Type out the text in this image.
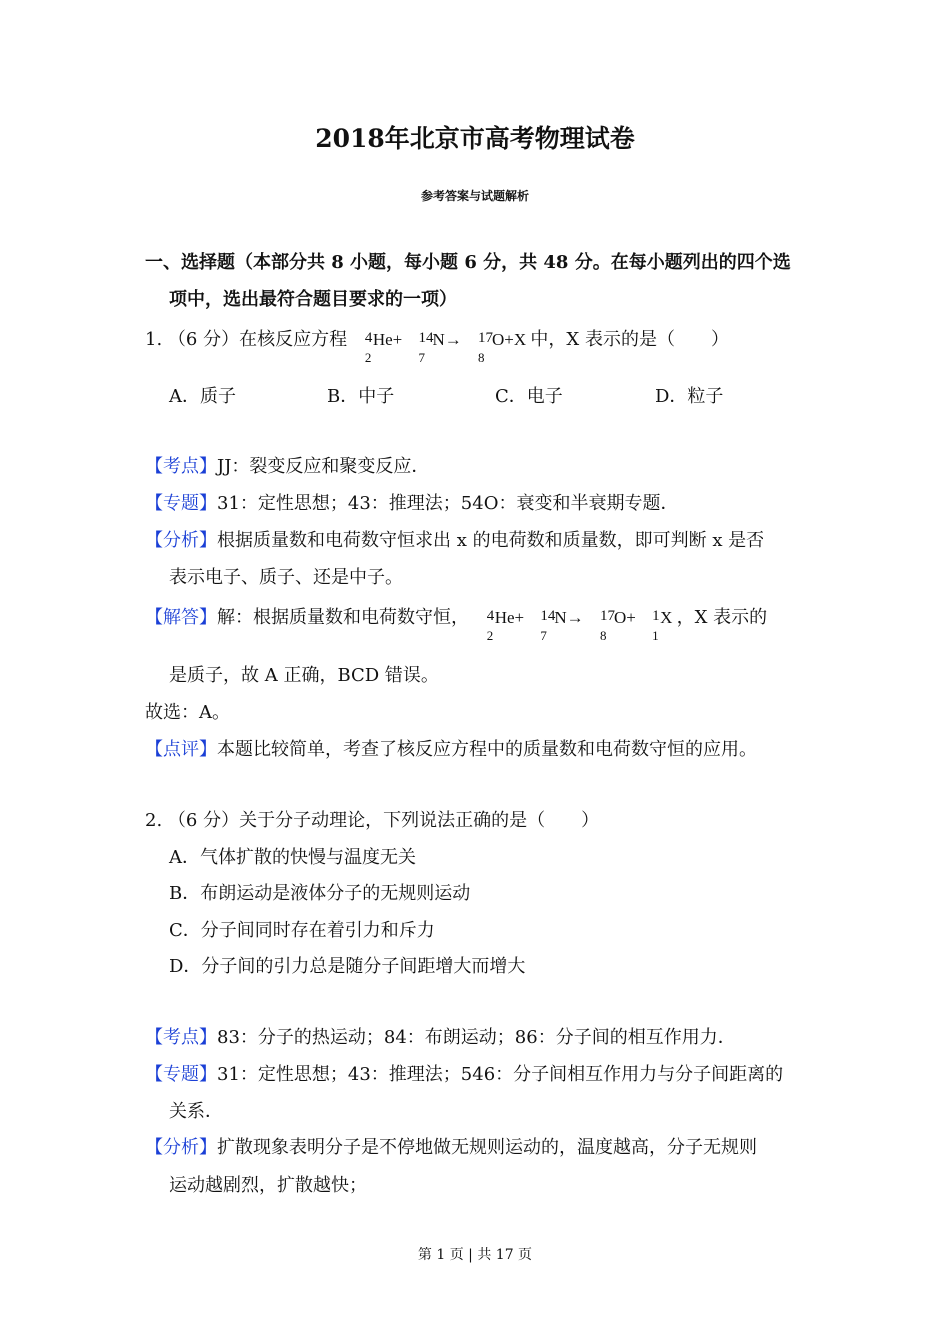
2018年北京市高考物理试卷
参考答案与试题解析
一、选择题（本部分共 8 小题，每小题 6 分，共 48 分。在每小题列出的四个选
项中，选出最符合题目要求的一项）
1. （6 分）在核反应方程 4
2
He+ 14
7
N→ 17
8
O+X 中，X 表示的是（　　）
A．质子	B．中子	C．电子	D．粒子
【考点】JJ：裂变反应和聚变反应．
【专题】31：定性思想；43：推理法；54O：衰变和半衰期专题．
【分析】根据质量数和电荷数守恒求出 x 的电荷数和质量数，即可判断 x 是否
表示电子、质子、还是中子。
【解答】解：根据质量数和电荷数守恒， 4
2
He+ 14
7
N→ 17
8
O+ 1
1
X ，X 表示的
是质子，故 A 正确，BCD 错误。
故选：A。
【点评】本题比较简单，考查了核反应方程中的质量数和电荷数守恒的应用。
2. （6 分）关于分子动理论，下列说法正确的是（　　）
A．气体扩散的快慢与温度无关
B．布朗运动是液体分子的无规则运动
C．分子间同时存在着引力和斥力
D．分子间的引力总是随分子间距增大而增大
【考点】83：分子的热运动；84：布朗运动；86：分子间的相互作用力．
【专题】31：定性思想；43：推理法；546：分子间相互作用力与分子间距离的
关系．
【分析】扩散现象表明分子是不停地做无规则运动的，温度越高，分子无规则
运动越剧烈，扩散越快；
第 1 页 | 共 17 页
